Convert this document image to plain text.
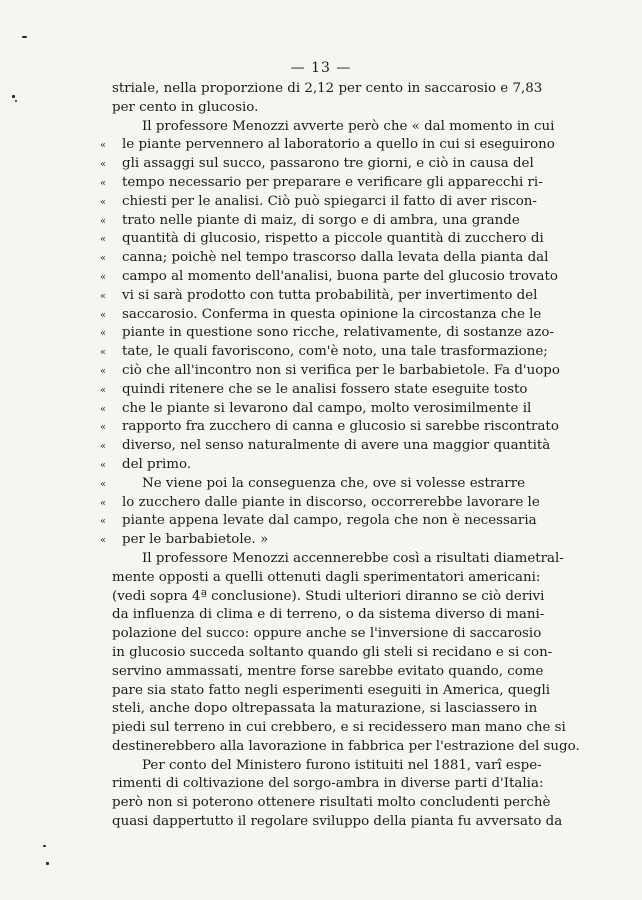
— 13 —
striale, nella proporzione di 2,12 per cento in saccarosio e 7,83
per cento in glucosio.
Il professore Menozzi avverte però che « dal momento in cui
le piante pervennero al laboratorio a quello in cui si eseguirono
gli assaggi sul succo, passarono tre giorni, e ciò in causa del
tempo necessario per preparare e verificare gli apparecchi ri-
chiesti per le analisi. Ciò può spiegarci il fatto di aver riscon-
trato nelle piante di maiz, di sorgo e di ambra, una grande
quantità di glucosio, rispetto a piccole quantità di zucchero di
canna; poichè nel tempo trascorso dalla levata della pianta dal
campo al momento dell'analisi, buona parte del glucosio trovato
vi si sarà prodotto con tutta probabilità, per invertimento del
saccarosio. Conferma in questa opinione la circostanza che le
piante in questione sono ricche, relativamente, di sostanze azo-
tate, le quali favoriscono, com'è noto, una tale trasformazione;
ciò che all'incontro non si verifica per le barbabietole. Fa d'uopo
quindi ritenere che se le analisi fossero state eseguite tosto
che le piante si levarono dal campo, molto verosimilmente il
rapporto fra zucchero di canna e glucosio si sarebbe riscontrato
diverso, nel senso naturalmente di avere una maggior quantità
del primo.
Ne viene poi la conseguenza che, ove si volesse estrarre
lo zucchero dalle piante in discorso, occorrerebbe lavorare le
piante appena levate dal campo, regola che non è necessaria
per le barbabietole. »
Il professore Menozzi accennerebbe così a risultati diametral-
mente opposti a quelli ottenuti dagli sperimentatori americani:
(vedi sopra 4ª conclusione). Studi ulteriori diranno se ciò derivi
da influenza di clima e di terreno, o da sistema diverso di mani-
polazione del succo: oppure anche se l'inversione di saccarosio
in glucosio succeda soltanto quando gli steli si recidano e si con-
servino ammassati, mentre forse sarebbe evitato quando, come
pare sia stato fatto negli esperimenti eseguiti in America, quegli
steli, anche dopo oltrepassata la maturazione, si lasciassero in
piedi sul terreno in cui crebbero, e si recidessero man mano che si
destinerebbero alla lavorazione in fabbrica per l'estrazione del sugo.
Per conto del Ministero furono istituiti nel 1881, varî espe-
rimenti di coltivazione del sorgo-ambra in diverse parti d'Italia:
però non si poterono ottenere risultati molto concludenti perchè
quasi dappertutto il regolare sviluppo della pianta fu avversato da
«
«
«
«
«
«
«
«
«
«
«
«
«
«
«
«
«
«
«
«
«
«
